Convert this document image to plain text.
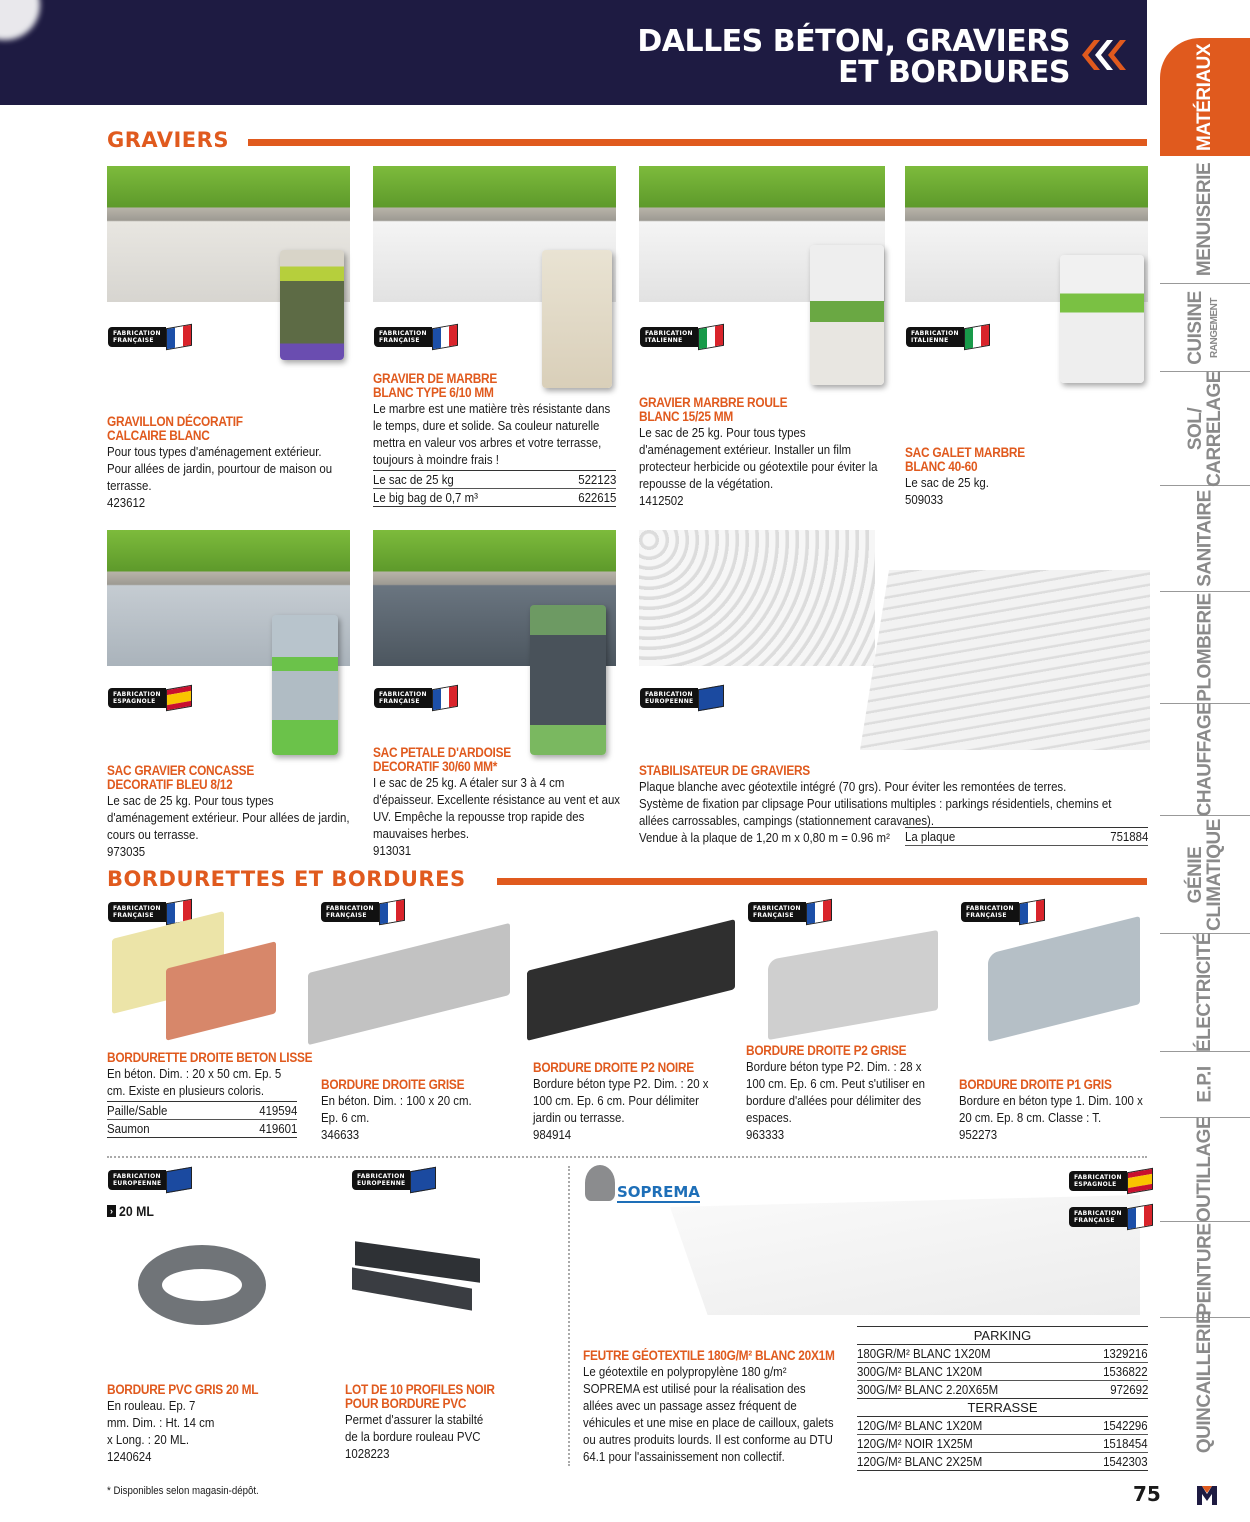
DALLES BÉTON, GRAVIERS
ET BORDURES
GRAVIERS
FABRICATION
FRANÇAISE
FABRICATION
FRANÇAISE
FABRICATION
ITALIENNE
FABRICATION
ITALIENNE
GRAVILLON DÉCORATIF
CALCAIRE BLANC
Pour tous types d'aménagement extérieur. Pour allées de jardin, pourtour de maison ou terrasse.
423612
GRAVIER DE MARBRE
BLANC TYPE 6/10 MM
Le marbre est une matière très résistante dans le temps, dure et solide. Sa couleur naturelle mettra en valeur vos arbres et votre terrasse, toujours à moindre frais !
Le sac de 25 kg	522123
Le big bag de 0,7 m³	622615
GRAVIER MARBRE ROULE
BLANC 15/25 MM
Le sac de 25 kg. Pour tous types d'aménagement extérieur. Installer un film protecteur herbicide ou géotextile pour éviter la repousse de la végétation.
1412502
SAC GALET MARBRE
BLANC 40-60
Le sac de 25 kg.
509033
FABRICATION
ESPAGNOLE
FABRICATION
FRANÇAISE
FABRICATION
EUROPEENNE
SAC GRAVIER CONCASSE
DECORATIF BLEU 8/12
Le sac de 25 kg. Pour tous types d'aménagement extérieur. Pour allées de jardin, cours ou terrasse.
973035
SAC PETALE D'ARDOISE
DECORATIF 30/60 MM*
I e sac de 25 kg. A étaler sur 3 à 4 cm d'épaisseur. Excellente résistance au vent et aux UV. Empêche la repousse trop rapide des mauvaises herbes.
913031
STABILISATEUR DE GRAVIERS
Plaque blanche avec géotextile intégré (70 grs). Pour éviter les remontées de terres.
Système de fixation par clipsage Pour utilisations multiples : parkings résidentiels, chemins et allées carrossables, campings (stationnement caravanes).
Vendue à la plaque de 1,20 m x 0,80 m = 0.96 m² La plaque	751884
BORDURETTES ET BORDURES
FABRICATION
FRANÇAISE
FABRICATION
FRANÇAISE
FABRICATION
FRANÇAISE
FABRICATION
FRANÇAISE
BORDURETTE DROITE BETON LISSE
En béton. Dim. : 20 x 50 cm. Ep. 5 cm. Existe en plusieurs coloris.
Paille/Sable	419594
Saumon	419601
BORDURE DROITE GRISE
En béton. Dim. : 100 x 20 cm. Ep. 6 cm.
346633
BORDURE DROITE P2 NOIRE
Bordure béton type P2. Dim. : 20 x 100 cm. Ep. 6 cm. Pour délimiter jardin ou terrasse.
984914
BORDURE DROITE P2 GRISE
Bordure béton type P2. Dim. : 28 x 100 cm. Ep. 6 cm. Peut s'utiliser en bordure d'allées pour délimiter des espaces.
963333
BORDURE DROITE P1 GRIS
Bordure en béton type 1. Dim. 100 x 20 cm. Ep. 8 cm. Classe : T.
952273
FABRICATION
EUROPEENNE
FABRICATION
EUROPEENNE
› 20 ML
BORDURE PVC GRIS 20 ML
En rouleau. Ep. 7 mm. Dim. : Ht. 14 cm x Long. : 20 ML.
1240624
LOT DE 10 PROFILES NOIR
POUR BORDURE PVC
Permet d'assurer la stabilté de la bordure rouleau PVC
1028223
SOPREMA
FABRICATION
ESPAGNOLE
FABRICATION
FRANÇAISE
FEUTRE GÉOTEXTILE 180G/M² BLANC 20X1M
Le géotextile en polypropylène 180 g/m² SOPREMA est utilisé pour la réalisation des allées avec un passage assez fréquent de véhicules et une mise en place de cailloux, galets ou autres produits lourds. Il est conforme au DTU 64.1 pour l'assainissement non collectif.
PARKING
180GR/M² BLANC 1X20M	1329216
300G/M² BLANC 1X20M	1536822
300G/M² BLANC 2.20X65M	972692
TERRASSE
120G/M² BLANC 1X20M	1542296
120G/M² NOIR 1X25M	1518454
120G/M² BLANC 2X25M	1542303
* Disponibles selon magasin-dépôt.	75
MATÉRIAUX
MENUISERIE
CUISINE RANGEMENT
SOL/
CARRELAGE
SANITAIRE
PLOMBERIE
CHAUFFAGE
GÉNIE
CLIMATIQUE
ÉLECTRICITÉ
E.P.I
OUTILLAGE
PEINTURE
QUINCAILLERIE
